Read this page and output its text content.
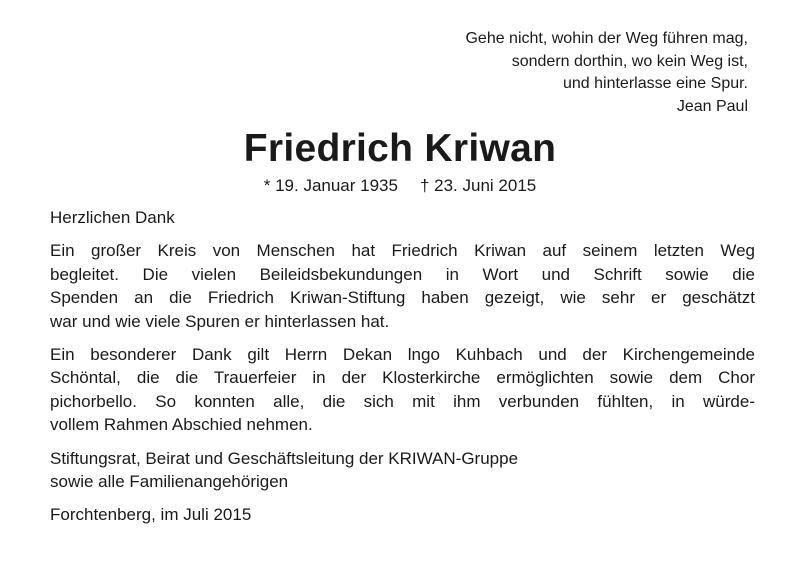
Gehe nicht, wohin der Weg führen mag,
sondern dorthin, wo kein Weg ist,
und hinterlasse eine Spur.
Jean Paul
Friedrich Kriwan
* 19. Januar 1935 † 23. Juni 2015

Herzlichen Dank

Ein großer Kreis von Menschen hat Friedrich Kriwan auf seinem letzten Weg
begleitet. Die vielen Beileidsbekundungen in Wort und Schrift sowie die
Spenden an die Friedrich Kriwan-Stiftung haben gezeigt, wie sehr er geschätzt
war und wie viele Spuren er hinterlassen hat.

Ein besonderer Dank gilt Herrn Dekan lngo Kuhbach und der Kirchengemeinde
Schöntal, die die Trauerfeier in der Klosterkirche ermöglichten sowie dem Chor
pichorbello. So konnten alle, die sich mit ihm verbunden fühlten, in würde-
vollem Rahmen Abschied nehmen.

Stiftungsrat, Beirat und Geschäftsleitung der KRIWAN-Gruppe
sowie alle Familienangehörigen

Forchtenberg, im Juli 2015
